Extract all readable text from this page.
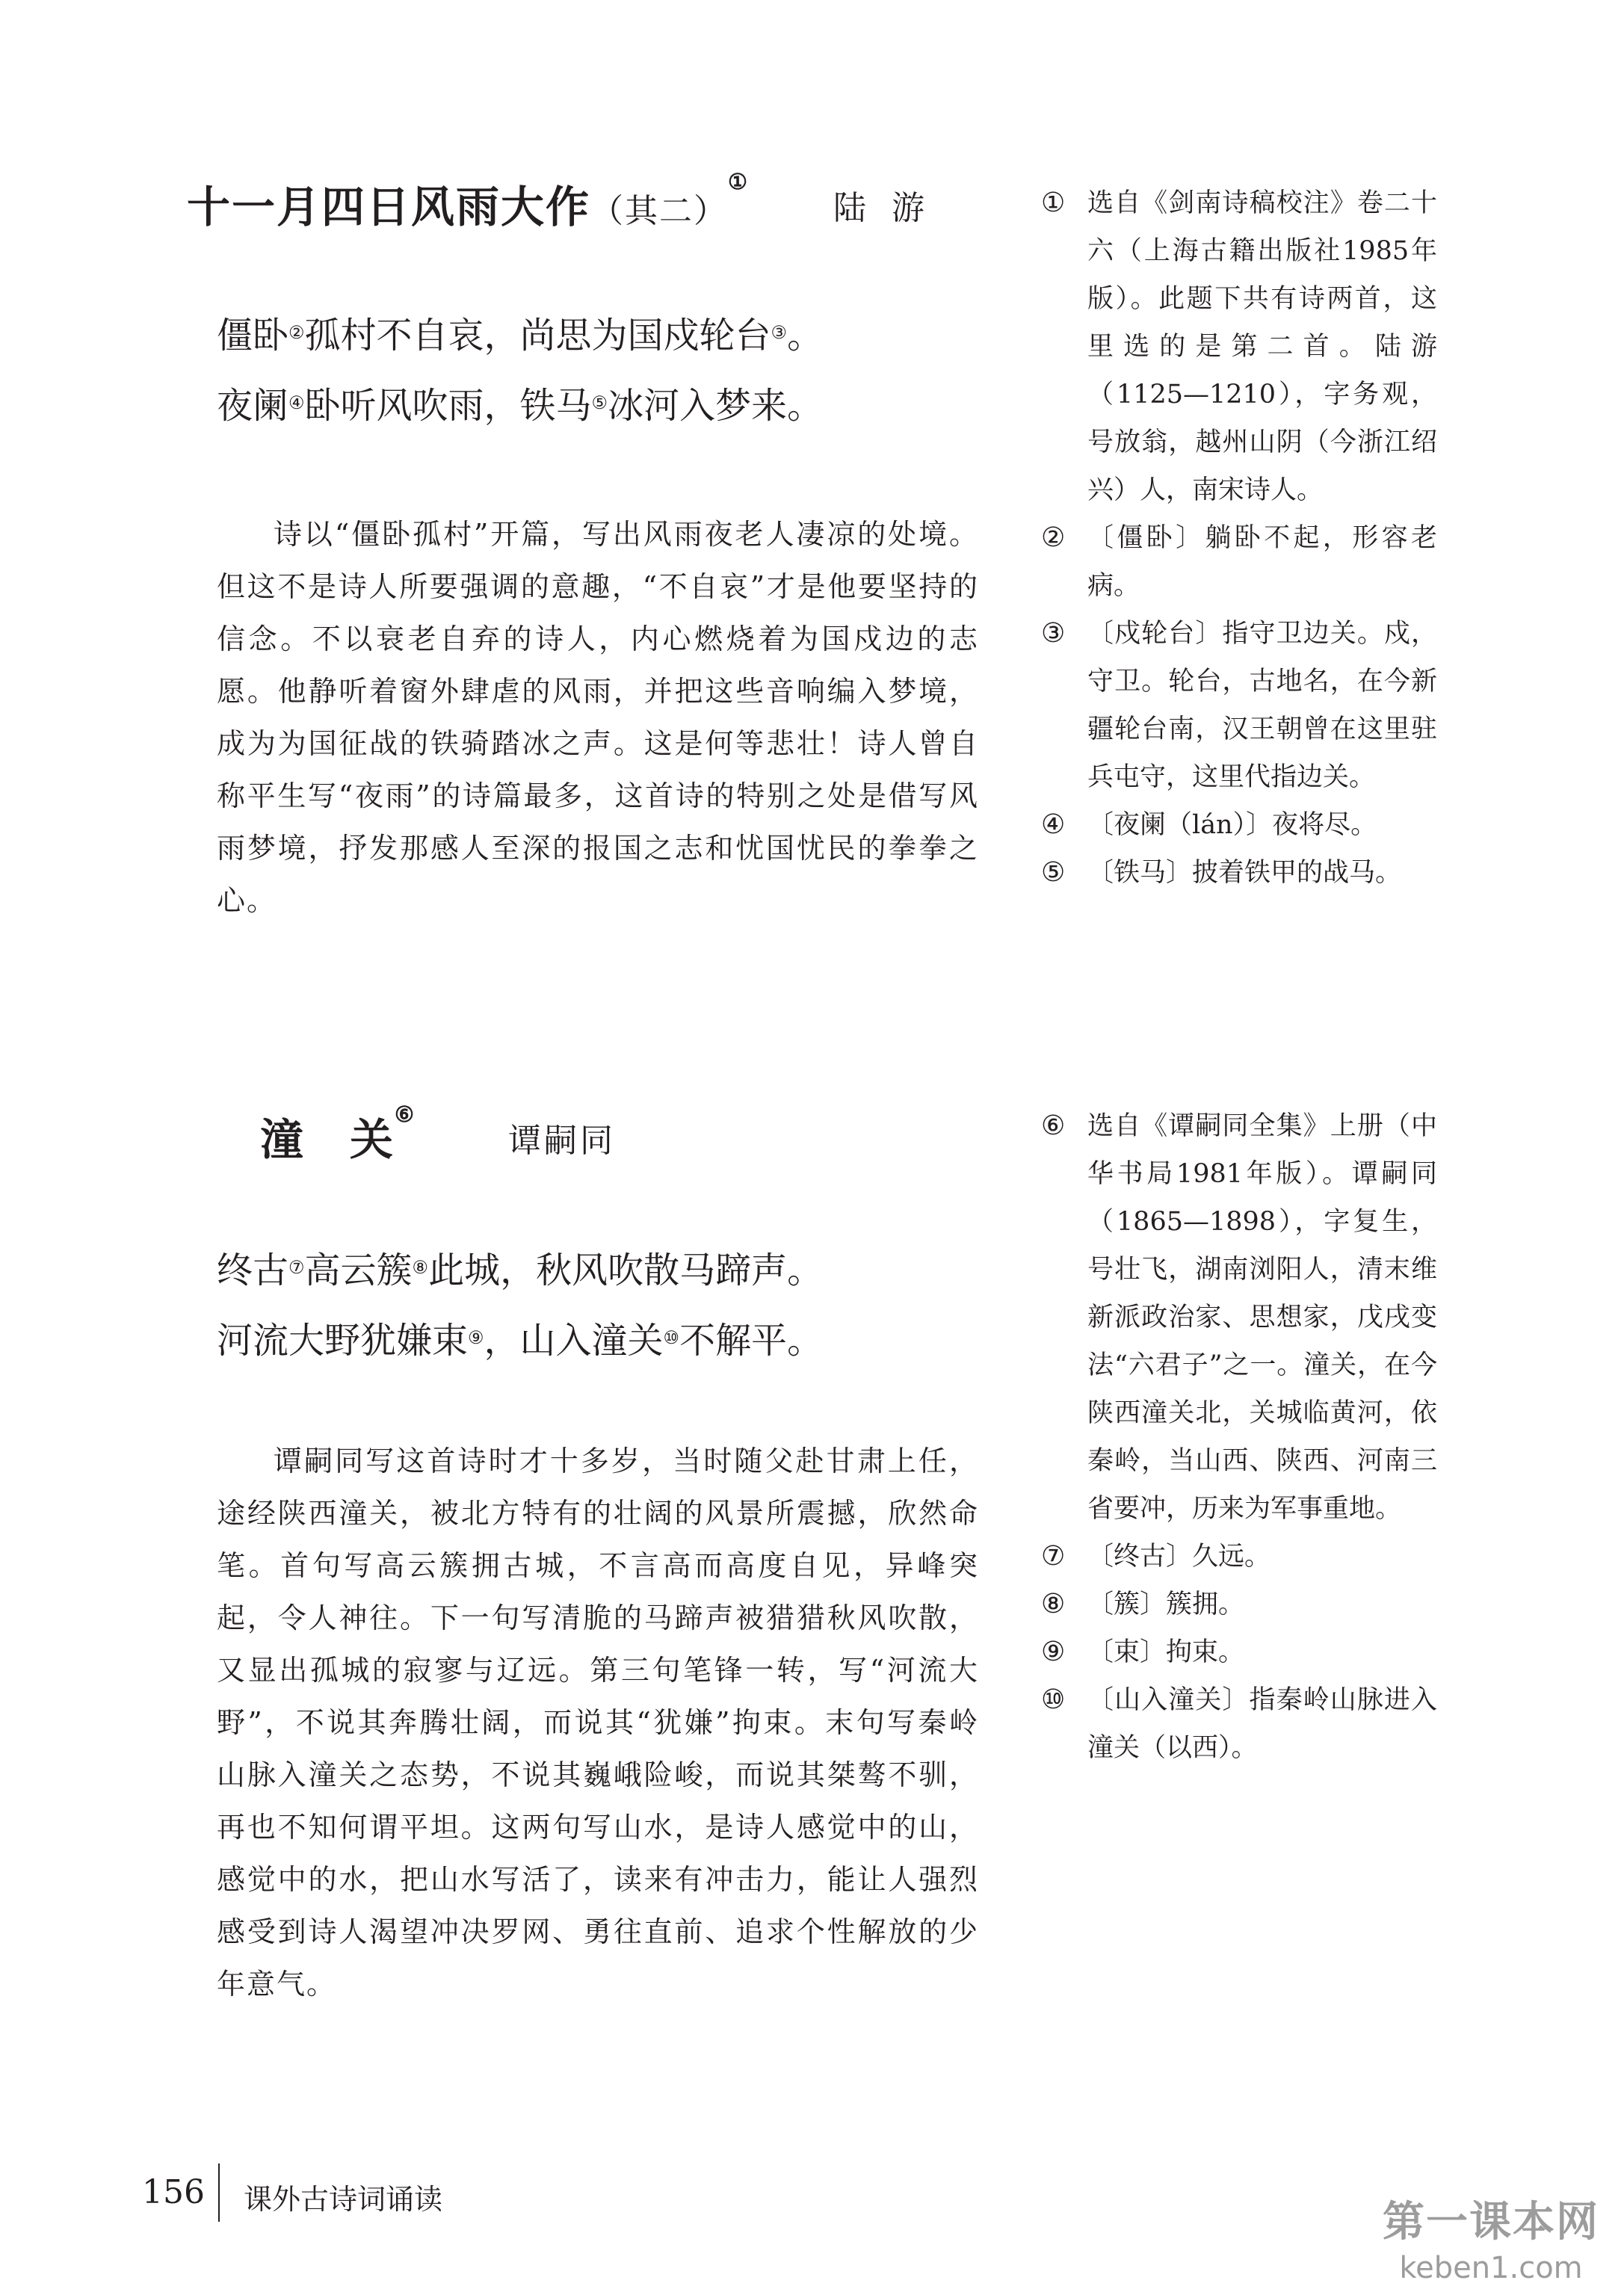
十一月四日风雨大作（其二）①
陆游
僵卧②孤村不自哀，尚思为国戍轮台③。
夜阑④卧听风吹雨，铁马⑤冰河入梦来。
诗以“僵卧孤村”开篇，写出风雨夜老人凄凉的处境。但这不是诗人所要强调的意趣，“不自哀”才是他要坚持的信念。不以衰老自弃的诗人，内心燃烧着为国戍边的志愿。他静听着窗外肆虐的风雨，并把这些音响编入梦境，成为为国征战的铁骑踏冰之声。这是何等悲壮！诗人曾自称平生写“夜雨”的诗篇最多，这首诗的特别之处是借写风雨梦境，抒发那感人至深的报国之志和忧国忧民的拳拳之心。
① 选自《剑南诗稿校注》卷二十六（上海古籍出版社1985年版）。此题下共有诗两首，这里选的是第二首。陆游（1125—1210），字务观，号放翁，越州山阴（今浙江绍兴）人，南宋诗人。
② 〔僵卧〕躺卧不起，形容老病。
③ 〔戍轮台〕指守卫边关。戍，守卫。轮台，古地名，在今新疆轮台南，汉王朝曾在这里驻兵屯守，这里代指边关。
④ 〔夜阑（lán）〕夜将尽。
⑤ 〔铁马〕披着铁甲的战马。
潼　关⑥
谭嗣同
终古⑦高云簇⑧此城，秋风吹散马蹄声。
河流大野犹嫌束⑨，山入潼关⑩不解平。
谭嗣同写这首诗时才十多岁，当时随父赴甘肃上任，途经陕西潼关，被北方特有的壮阔的风景所震撼，欣然命笔。首句写高云簇拥古城，不言高而高度自见，异峰突起，令人神往。下一句写清脆的马蹄声被猎猎秋风吹散，又显出孤城的寂寥与辽远。第三句笔锋一转，写“河流大野”，不说其奔腾壮阔，而说其“犹嫌”拘束。末句写秦岭山脉入潼关之态势，不说其巍峨险峻，而说其桀骜不驯，再也不知何谓平坦。这两句写山水，是诗人感觉中的山，感觉中的水，把山水写活了，读来有冲击力，能让人强烈感受到诗人渴望冲决罗网、勇往直前、追求个性解放的少年意气。
⑥ 选自《谭嗣同全集》上册（中华书局1981年版）。谭嗣同（1865—1898），字复生，号壮飞，湖南浏阳人，清末维新派政治家、思想家，戊戌变法“六君子”之一。潼关，在今陕西潼关北，关城临黄河，依秦岭，当山西、陕西、河南三省要冲，历来为军事重地。
⑦ 〔终古〕久远。
⑧ 〔簇〕簇拥。
⑨ 〔束〕拘束。
⑩ 〔山入潼关〕指秦岭山脉进入潼关（以西）。
156 课外古诗词诵读	第一课本网
keben1.com
